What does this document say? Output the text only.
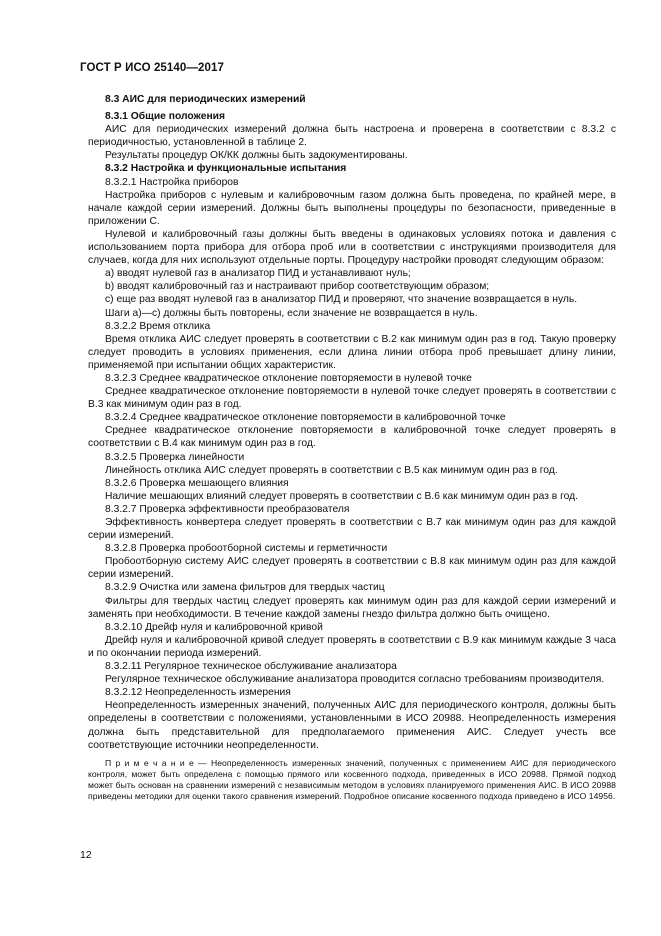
ГОСТ Р ИСО 25140—2017

8.3 АИС для периодических измерений

8.3.1 Общие положения

АИС для периодических измерений должна быть настроена и проверена в соответствии с 8.3.2 с периодичностью, установленной в таблице 2.

Результаты процедур ОК/КК должны быть задокументированы.

8.3.2 Настройка и функциональные испытания

8.3.2.1 Настройка приборов

Настройка приборов с нулевым и калибровочным газом должна быть проведена, по крайней мере, в начале каждой серии измерений. Должны быть выполнены процедуры по безопасности, приведенные в приложении С.

Нулевой и калибровочный газы должны быть введены в одинаковых условиях потока и давления с использованием порта прибора для отбора проб или в соответствии с инструкциями производителя для случаев, когда для них используют отдельные порты. Процедуру настройки проводят следующим образом:

a) вводят нулевой газ в анализатор ПИД и устанавливают нуль;

b) вводят калибровочный газ и настраивают прибор соответствующим образом;

c) еще раз вводят нулевой газ в анализатор ПИД и проверяют, что значение возвращается в нуль.

Шаги a)—c) должны быть повторены, если значение не возвращается в нуль.

8.3.2.2 Время отклика

Время отклика АИС следует проверять в соответствии с B.2 как минимум один раз в год. Такую проверку следует проводить в условиях применения, если длина линии отбора проб превышает длину линии, применяемой при испытании общих характеристик.

8.3.2.3 Среднее квадратическое отклонение повторяемости в нулевой точке

Среднее квадратическое отклонение повторяемости в нулевой точке следует проверять в соответствии с B.3 как минимум один раз в год.

8.3.2.4 Среднее квадратическое отклонение повторяемости в калибровочной точке

Среднее квадратическое отклонение повторяемости в калибровочной точке следует проверять в соответствии с B.4 как минимум один раз в год.

8.3.2.5 Проверка линейности

Линейность отклика АИС следует проверять в соответствии с B.5 как минимум один раз в год.

8.3.2.6 Проверка мешающего влияния

Наличие мешающих влияний следует проверять в соответствии с B.6 как минимум один раз в год.

8.3.2.7 Проверка эффективности преобразователя

Эффективность конвертера следует проверять в соответствии с B.7 как минимум один раз для каждой серии измерений.

8.3.2.8 Проверка пробоотборной системы и герметичности

Пробоотборную систему АИС следует проверять в соответствии с B.8 как минимум один раз для каждой серии измерений.

8.3.2.9 Очистка или замена фильтров для твердых частиц

Фильтры для твердых частиц следует проверять как минимум один раз для каждой серии измерений и заменять при необходимости. В течение каждой замены гнездо фильтра должно быть очищено.

8.3.2.10 Дрейф нуля и калибровочной кривой

Дрейф нуля и калибровочной кривой следует проверять в соответствии с B.9 как минимум каждые 3 часа и по окончании периода измерений.

8.3.2.11 Регулярное техническое обслуживание анализатора

Регулярное техническое обслуживание анализатора проводится согласно требованиям производителя.

8.3.2.12 Неопределенность измерения

Неопределенность измеренных значений, полученных АИС для периодического контроля, должны быть определены в соответствии с положениями, установленными в ИСО 20988. Неопределенность измерения должна быть представительной для предполагаемого применения АИС. Следует учесть все соответствующие источники неопределенности.

П р и м е ч а н и е — Неопределенность измеренных значений, полученных с применением АИС для периодического контроля, может быть определена с помощью прямого или косвенного подхода, приведенных в ИСО 20988. Прямой подход может быть основан на сравнении измерений с независимым методом в условиях планируемого применения АИС. В ИСО 20988 приведены методики для оценки такого сравнения измерений. Подробное описание косвенного подхода приведено в ИСО 14956.

12
